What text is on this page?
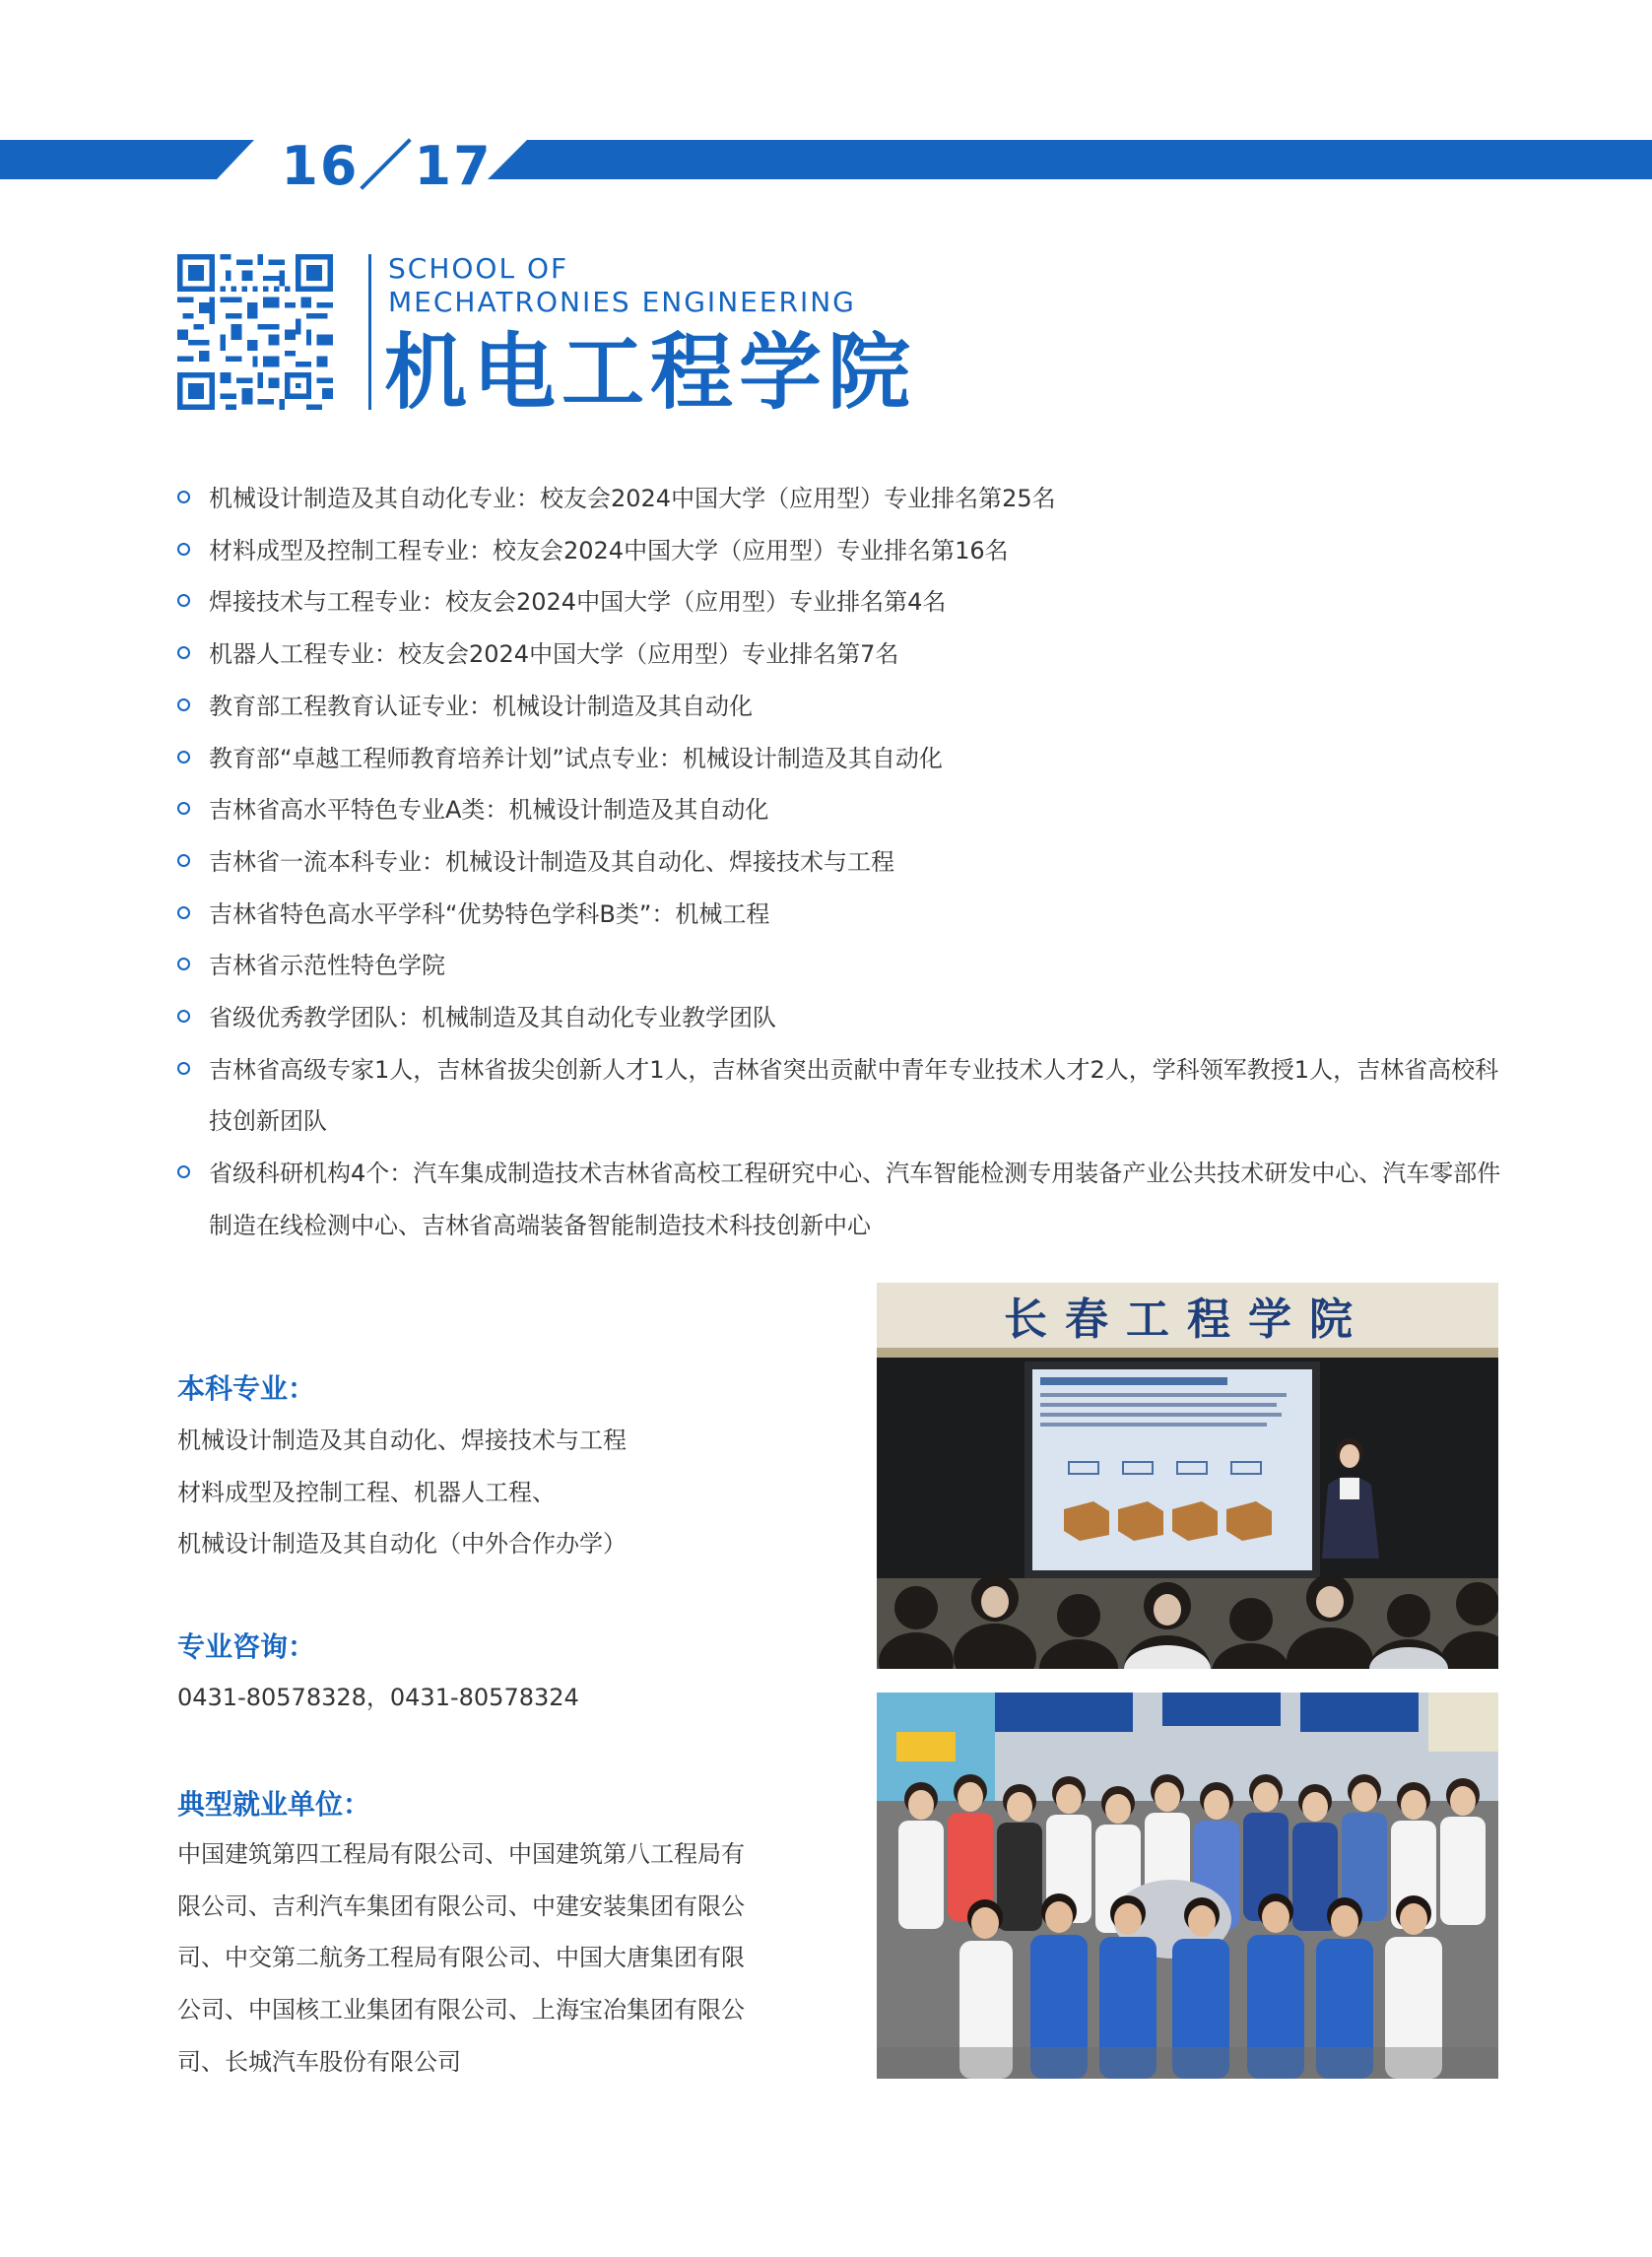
16／17
SCHOOL OF
MECHATRONIES ENGINEERING
机电工程学院
机械设计制造及其自动化专业：校友会2024中国大学（应用型）专业排名第25名
材料成型及控制工程专业：校友会2024中国大学（应用型）专业排名第16名
焊接技术与工程专业：校友会2024中国大学（应用型）专业排名第4名
机器人工程专业：校友会2024中国大学（应用型）专业排名第7名
教育部工程教育认证专业：机械设计制造及其自动化
教育部“卓越工程师教育培养计划”试点专业：机械设计制造及其自动化
吉林省高水平特色专业A类：机械设计制造及其自动化
吉林省一流本科专业：机械设计制造及其自动化、焊接技术与工程
吉林省特色高水平学科“优势特色学科B类”：机械工程
吉林省示范性特色学院
省级优秀教学团队：机械制造及其自动化专业教学团队
吉林省高级专家1人，吉林省拔尖创新人才1人，吉林省突出贡献中青年专业技术人才2人，学科领军教授1人，吉林省高校科技创新团队
省级科研机构4个：汽车集成制造技术吉林省高校工程研究中心、汽车智能检测专用装备产业公共技术研发中心、汽车零部件制造在线检测中心、吉林省高端装备智能制造技术科技创新中心
本科专业：
机械设计制造及其自动化、焊接技术与工程
材料成型及控制工程、机器人工程、
机械设计制造及其自动化（中外合作办学）
专业咨询：
0431-80578328，0431-80578324
典型就业单位：
中国建筑第四工程局有限公司、中国建筑第八工程局有
限公司、吉利汽车集团有限公司、中建安装集团有限公
司、中交第二航务工程局有限公司、中国大唐集团有限
公司、中国核工业集团有限公司、上海宝冶集团有限公
司、长城汽车股份有限公司
长春工程学院
